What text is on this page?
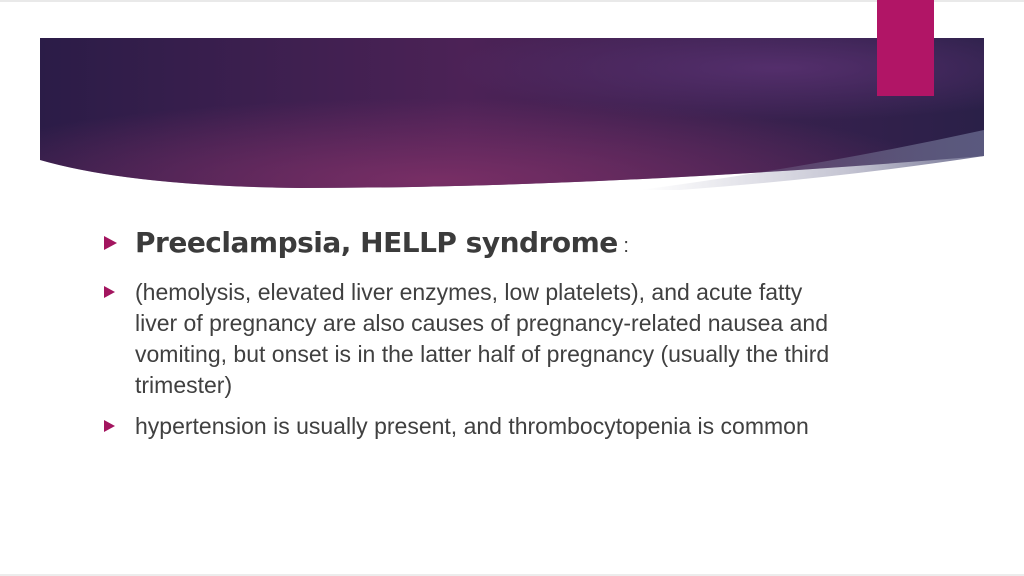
Preeclampsia, HELLP syndrome :
(hemolysis, elevated liver enzymes, low platelets), and acute fatty liver of pregnancy are also causes of pregnancy-related nausea and vomiting, but onset is in the latter half of pregnancy (usually the third trimester)
hypertension is usually present, and thrombocytopenia is common
